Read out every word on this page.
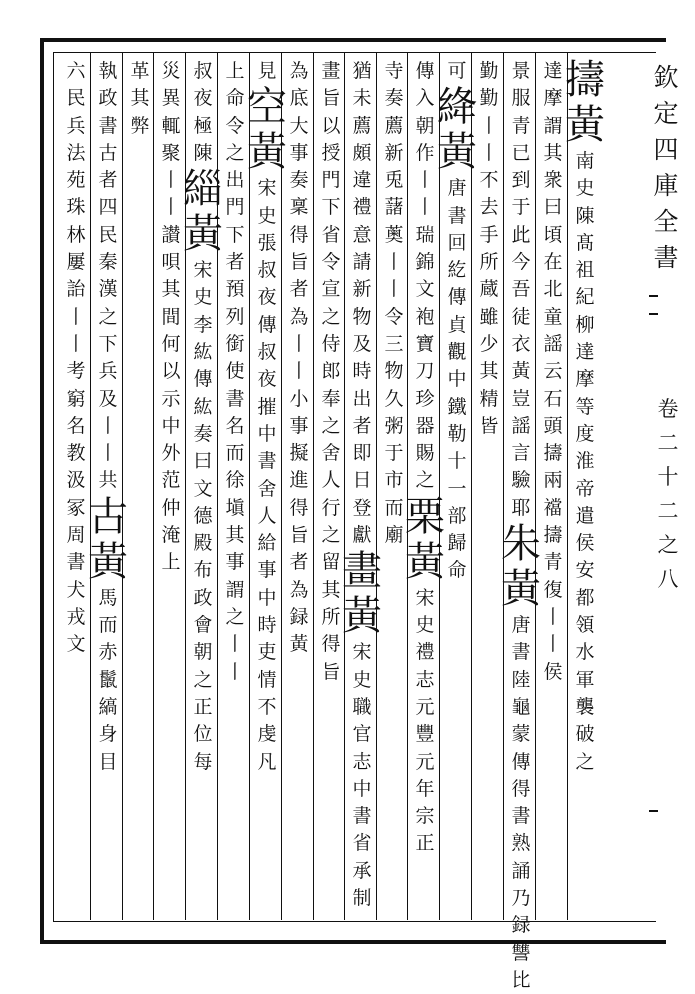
欽
定
四
庫
全
書
卷
二
十
二
之
八
擣
黃
南
史
陳
髙
祖
紀
柳
達
摩
等
度
淮
帝
遣
侯
安
都
領
水
軍
襲
破
之
達
摩
謂
其
衆
曰
頃
在
北
童
謡
云
石
頭
擣
兩
襠
擣
青
復
丨
丨
侯
景
服
青
已
到
于
此
今
吾
徒
衣
黃
豈
謡
言
驗
耶
朱
黃
唐
書
陸
龜
蒙
傳
得
書
熟
誦
乃
録
讐
比
勤
勤
丨
丨
不
去
手
所
蔵
雖
少
其
精
皆
可
絳
黃
唐
書
回
紇
傳
貞
觀
中
鐵
勒
十
一
部
歸
命
傳
入
朝
作
丨
丨
瑞
錦
文
袍
寶
刀
珍
器
賜
之
栗
黃
宋
史
禮
志
元
豐
元
年
宗
正
寺
奏
薦
新
兎
藷
薁
丨
丨
令
三
物
久
粥
于
市
而
廟
猶
未
薦
頗
違
禮
意
請
新
物
及
時
出
者
即
日
登
獻
畫
黃
宋
史
職
官
志
中
書
省
承
制
畫
旨
以
授
門
下
省
令
宣
之
侍
郎
奉
之
舍
人
行
之
留
其
所
得
旨
為
底
大
事
奏
稟
得
旨
者
為
丨
丨
小
事
擬
進
得
旨
者
為
録
黃
見
空
黃
宋
史
張
叔
夜
傳
叔
夜
摧
中
書
舍
人
給
事
中
時
吏
情
不
虔
凡
上
命
令
之
出
門
下
者
預
列
銜
使
書
名
而
徐
塡
其
事
謂
之
丨
丨
叔
夜
極
陳
緇
黃
宋
史
李
紘
傳
紘
奏
曰
文
德
殿
布
政
會
朝
之
正
位
每
災
異
輒
聚
丨
丨
讃
唄
其
間
何
以
示
中
外
范
仲
淹
上
革
其
弊
執
政
書
古
者
四
民
秦
漢
之
下
兵
及
丨
丨
共
古
黃
馬
而
赤
鬛
縞
身
目
六
民
兵
法
苑
珠
林
屢
詒
丨
丨
考
窮
名
教
汲
冢
周
書
犬
戎
文
